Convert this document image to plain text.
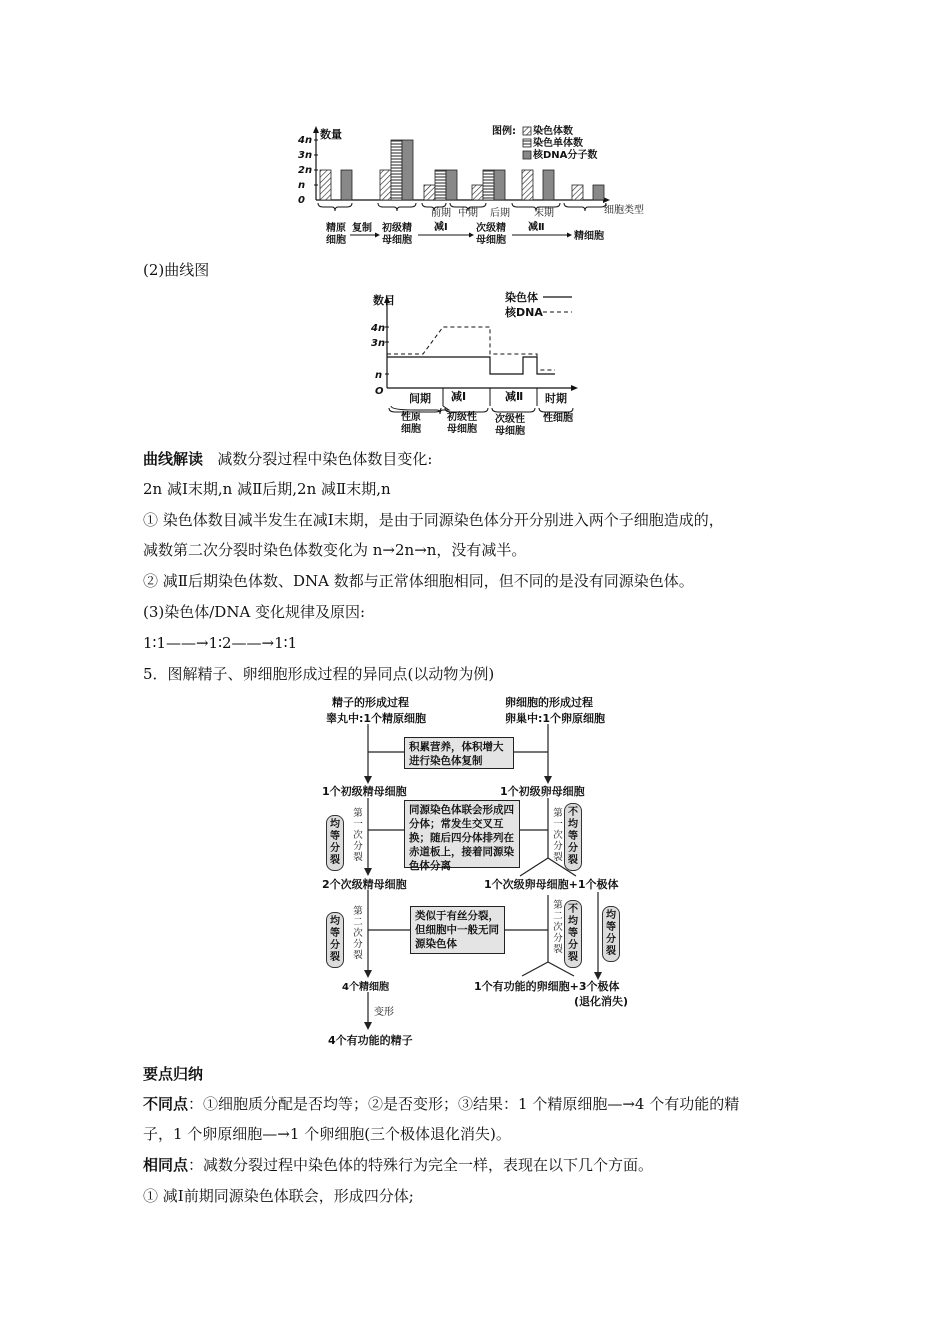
数量
4n
3n
2n
n
0
前期 中期 后期 末期	细胞类型
图例: 染色体数
染色单体数
核DNA分子数
精原
细胞
复制 初级精
母细胞
减Ⅰ	次级精
母细胞
减Ⅱ
精细胞
(2)曲线图
数目
4n
3n
n
O
染色体
核DNA
间期 减Ⅰ	减Ⅱ 时期
性原
细胞
初级性
母细胞
次级性
母细胞
性细胞
曲线解读 减数分裂过程中染色体数目变化:
2n 减Ⅰ末期,n 减Ⅱ后期,2n 减Ⅱ末期,n
① 染色体数目减半发生在减Ⅰ末期，是由于同源染色体分开分别进入两个子细胞造成的，
减数第二次分裂时染色体数变化为 n→2n→n，没有减半。
② 减Ⅱ后期染色体数、DNA 数都与正常体细胞相同，但不同的是没有同源染色体。
(3)染色体/DNA 变化规律及原因:
1∶1——→1∶2——→1∶1
5．图解精子、卵细胞形成过程的异同点(以动物为例)
精子的形成过程
睾丸中:1个精原细胞
卵细胞的形成过程
卵巢中:1个卵原细胞
积累营养，体积增大进行染色体复制
1个初级精母细胞	1个初级卵母细胞
同源染色体联会形成四分体；常发生交叉互换；随后四分体排列在赤道板上，接着同源染色体分离
均等分裂
第一次分裂
第一次分裂
不均等分裂
2个次级精母细胞	1个次级卵母细胞+1个极体
类似于有丝分裂，但细胞中一般无同源染色体
均等分裂
第二次分裂
第二次分裂
不均等分裂
均等分裂
4个精细胞	1个有功能的卵细胞+3个极体
(退化消失)
变形
4个有功能的精子
要点归纳
不同点：①细胞质分配是否均等；②是否变形；③结果：1 个精原细胞—→4 个有功能的精
子，1 个卵原细胞—→1 个卵细胞(三个极体退化消失)。
相同点：减数分裂过程中染色体的特殊行为完全一样，表现在以下几个方面。
① 减Ⅰ前期同源染色体联会，形成四分体;
